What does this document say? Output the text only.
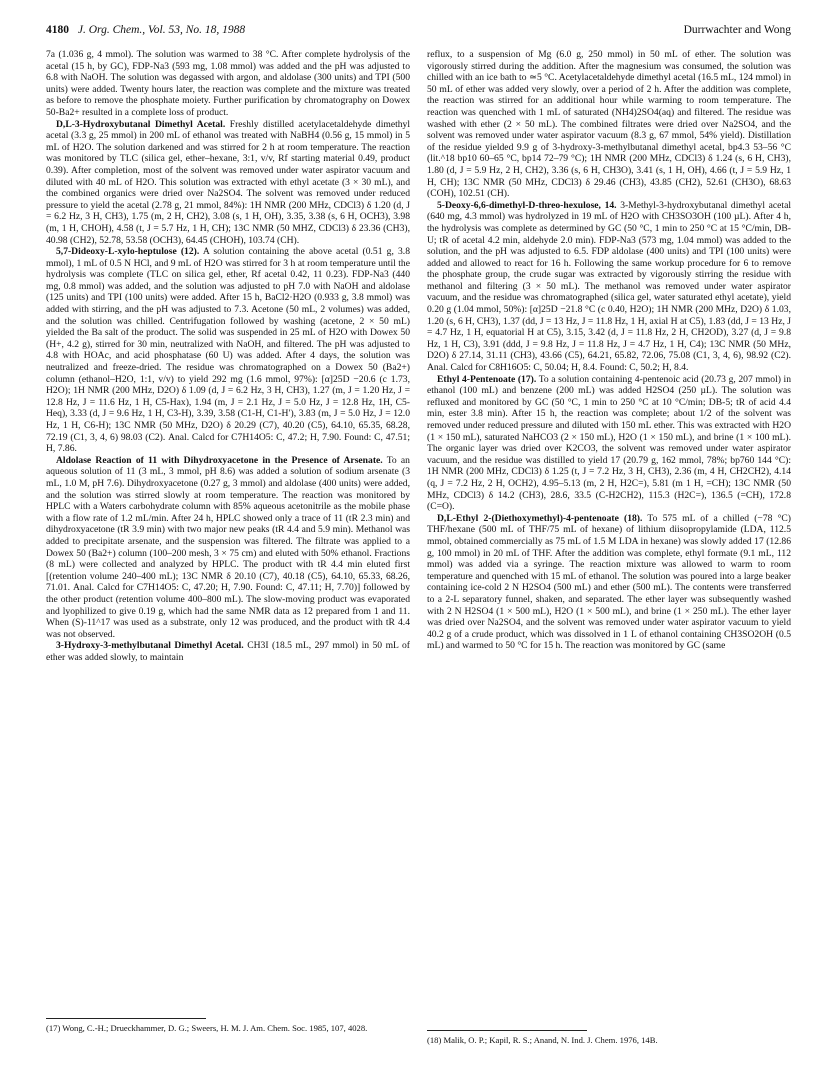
4180 J. Org. Chem., Vol. 53, No. 18, 1988	Durrwachter and Wong

7a (1.036 g, 4 mmol). The solution was warmed to 38 °C. After complete hydrolysis of the acetal (15 h, by GC), FDP-Na3 (593 mg, 1.08 mmol) was added and the pH was adjusted to 6.8 with NaOH. The solution was degassed with argon, and aldolase (300 units) and TPI (500 units) were added. Twenty hours later, the reaction was complete and the mixture was treated as before to remove the phosphate moiety. Further purification by chromatography on Dowex 50-Ba2+ resulted in a complete loss of product.

D,L-3-Hydroxybutanal Dimethyl Acetal. Freshly distilled acetylacetaldehyde dimethyl acetal (3.3 g, 25 mmol) in 200 mL of ethanol was treated with NaBH4 (0.56 g, 15 mmol) in 5 mL of H2O. The solution darkened and was stirred for 2 h at room temperature. The reaction was monitored by TLC (silica gel, ether–hexane, 3:1, v/v, Rf starting material 0.49, product 0.39). After completion, most of the solvent was removed under water aspirator vacuum and diluted with 40 mL of H2O. This solution was extracted with ethyl acetate (3 × 30 mL), and the combined organics were dried over Na2SO4. The solvent was removed under reduced pressure to yield the acetal (2.78 g, 21 mmol, 84%): 1H NMR (200 MHz, CDCl3) δ 1.20 (d, J = 6.2 Hz, 3 H, CH3), 1.75 (m, 2 H, CH2), 3.08 (s, 1 H, OH), 3.35, 3.38 (s, 6 H, OCH3), 3.98 (m, 1 H, CHOH), 4.58 (t, J = 5.7 Hz, 1 H, CH); 13C NMR (50 MHZ, CDCl3) δ 23.36 (CH3), 40.98 (CH2), 52.78, 53.58 (OCH3), 64.45 (CHOH), 103.74 (CH).

5,7-Dideoxy-L-xylo-heptulose (12). A solution containing the above acetal (0.51 g, 3.8 mmol), 1 mL of 0.5 N HCl, and 9 mL of H2O was stirred for 3 h at room temperature until the hydrolysis was complete (TLC on silica gel, ether, Rf acetal 0.42, 11 0.23). FDP-Na3 (440 mg, 0.8 mmol) was added, and the solution was adjusted to pH 7.0 with NaOH and aldolase (125 units) and TPI (100 units) were added. After 15 h, BaCl2·H2O (0.933 g, 3.8 mmol) was added with stirring, and the pH was adjusted to 7.3. Acetone (50 mL, 2 volumes) was added, and the solution was chilled. Centrifugation followed by washing (acetone, 2 × 50 mL) yielded the Ba salt of the product. The solid was suspended in 25 mL of H2O with Dowex 50 (H+, 4.2 g), stirred for 30 min, neutralized with NaOH, and filtered. The pH was adjusted to 4.8 with HOAc, and acid phosphatase (60 U) was added. After 4 days, the solution was neutralized and freeze-dried. The residue was chromatographed on a Dowex 50 (Ba2+) column (ethanol–H2O, 1:1, v/v) to yield 292 mg (1.6 mmol, 97%): [α]25D −20.6 (c 1.73, H2O); 1H NMR (200 MHz, D2O) δ 1.09 (d, J = 6.2 Hz, 3 H, CH3), 1.27 (m, J = 1.20 Hz, J = 12.8 Hz, J = 11.6 Hz, 1 H, C5-Hax), 1.94 (m, J = 2.1 Hz, J = 5.0 Hz, J = 12.8 Hz, 1H, C5-Heq), 3.33 (d, J = 9.6 Hz, 1 H, C3-H), 3.39, 3.58 (C1-H, C1-H′), 3.83 (m, J = 5.0 Hz, J = 12.0 Hz, 1 H, C6-H); 13C NMR (50 MHz, D2O) δ 20.29 (C7), 40.20 (C5), 64.10, 65.35, 68.28, 72.19 (C1, 3, 4, 6) 98.03 (C2). Anal. Calcd for C7H14O5: C, 47.2; H, 7.90. Found: C, 47.51; H, 7.86.

Aldolase Reaction of 11 with Dihydroxyacetone in the Presence of Arsenate. To an aqueous solution of 11 (3 mL, 3 mmol, pH 8.6) was added a solution of sodium arsenate (3 mL, 1.0 M, pH 7.6). Dihydroxyacetone (0.27 g, 3 mmol) and aldolase (400 units) were added, and the solution was stirred slowly at room temperature. The reaction was monitored by HPLC with a Waters carbohydrate column with 85% aqueous acetonitrile as the mobile phase with a flow rate of 1.2 mL/min. After 24 h, HPLC showed only a trace of 11 (tR 2.3 min) and dihydroxyacetone (tR 3.9 min) with two major new peaks (tR 4.4 and 5.9 min). Methanol was added to precipitate arsenate, and the suspension was filtered. The filtrate was applied to a Dowex 50 (Ba2+) column (100–200 mesh, 3 × 75 cm) and eluted with 50% ethanol. Fractions (8 mL) were collected and analyzed by HPLC. The product with tR 4.4 min eluted first [(retention volume 240–400 mL); 13C NMR δ 20.10 (C7), 40.18 (C5), 64.10, 65.33, 68.26, 71.01. Anal. Calcd for C7H14O5: C, 47.20; H, 7.90. Found: C, 47.11; H, 7.70)] followed by the other product (retention volume 400–800 mL). The slow-moving product was evaporated and lyophilized to give 0.19 g, which had the same NMR data as 12 prepared from 1 and 11. When (S)-11^17 was used as a substrate, only 12 was produced, and the product with tR 4.4 was not observed.

3-Hydroxy-3-methylbutanal Dimethyl Acetal. CH3I (18.5 mL, 297 mmol) in 50 mL of ether was added slowly, to maintain

reflux, to a suspension of Mg (6.0 g, 250 mmol) in 50 mL of ether. The solution was vigorously stirred during the addition. After the magnesium was consumed, the solution was chilled with an ice bath to ≃5 °C. Acetylacetaldehyde dimethyl acetal (16.5 mL, 124 mmol) in 50 mL of ether was added very slowly, over a period of 2 h. After the addition was complete, the reaction was stirred for an additional hour while warming to room temperature. The reaction was quenched with 1 mL of saturated (NH4)2SO4(aq) and filtered. The residue was washed with ether (2 × 50 mL). The combined filtrates were dried over Na2SO4, and the solvent was removed under water aspirator vacuum (8.3 g, 67 mmol, 54% yield). Distillation of the residue yielded 9.9 g of 3-hydroxy-3-methylbutanal dimethyl acetal, bp4.3 53–56 °C (lit.^18 bp10 60–65 °C, bp14 72–79 °C); 1H NMR (200 MHz, CDCl3) δ 1.24 (s, 6 H, CH3), 1.80 (d, J = 5.9 Hz, 2 H, CH2), 3.36 (s, 6 H, CH3O), 3.41 (s, 1 H, OH), 4.66 (t, J = 5.9 Hz, 1 H, CH); 13C NMR (50 MHz, CDCl3) δ 29.46 (CH3), 43.85 (CH2), 52.61 (CH3O), 68.63 (COH), 102.51 (CH).

5-Deoxy-6,6-dimethyl-D-threo-hexulose, 14. 3-Methyl-3-hydroxybutanal dimethyl acetal (640 mg, 4.3 mmol) was hydrolyzed in 19 mL of H2O with CH3SO3OH (100 µL). After 4 h, the hydrolysis was complete as determined by GC (50 °C, 1 min to 250 °C at 15 °C/min, DB-U; tR of acetal 4.2 min, aldehyde 2.0 min). FDP-Na3 (573 mg, 1.04 mmol) was added to the solution, and the pH was adjusted to 6.5. FDP aldolase (400 units) and TPI (100 units) were added and allowed to react for 16 h. Following the same workup procedure for 6 to remove the phosphate group, the crude sugar was extracted by vigorously stirring the residue with methanol and filtering (3 × 50 mL). The methanol was removed under water aspirator vacuum, and the residue was chromatographed (silica gel, water saturated ethyl acetate), yield 0.20 g (1.04 mmol, 50%): [α]25D −21.8 °C (c 0.40, H2O); 1H NMR (200 MHz, D2O) δ 1.03, 1.20 (s, 6 H, CH3), 1.37 (dd, J = 13 Hz, J = 11.8 Hz, 1 H, axial H at C5), 1.83 (dd, J = 13 Hz, J = 4.7 Hz, 1 H, equatorial H at C5), 3.15, 3.42 (d, J = 11.8 Hz, 2 H, CH2OD), 3.27 (d, J = 9.8 Hz, 1 H, C3), 3.91 (ddd, J = 9.8 Hz, J = 11.8 Hz, J = 4.7 Hz, 1 H, C4); 13C NMR (50 MHz, D2O) δ 27.14, 31.11 (CH3), 43.66 (C5), 64.21, 65.82, 72.06, 75.08 (C1, 3, 4, 6), 98.92 (C2). Anal. Calcd for C8H16O5: C, 50.04; H, 8.4. Found: C, 50.2; H, 8.4.

Ethyl 4-Pentenoate (17). To a solution containing 4-pentenoic acid (20.73 g, 207 mmol) in ethanol (100 mL) and benzene (200 mL) was added H2SO4 (250 µL). The solution was refluxed and monitored by GC (50 °C, 1 min to 250 °C at 10 °C/min; DB-5; tR of acid 4.4 min, ester 3.8 min). After 15 h, the reaction was complete; about 1/2 of the solvent was removed under reduced pressure and diluted with 150 mL ether. This was extracted with H2O (1 × 150 mL), saturated NaHCO3 (2 × 150 mL), H2O (1 × 150 mL), and brine (1 × 100 mL). The organic layer was dried over K2CO3, the solvent was removed under water aspirator vacuum, and the residue was distilled to yield 17 (20.79 g, 162 mmol, 78%; bp760 144 °C): 1H NMR (200 MHz, CDCl3) δ 1.25 (t, J = 7.2 Hz, 3 H, CH3), 2.36 (m, 4 H, CH2CH2), 4.14 (q, J = 7.2 Hz, 2 H, OCH2), 4.95–5.13 (m, 2 H, H2C=), 5.81 (m 1 H, =CH); 13C NMR (50 MHz, CDCl3) δ 14.2 (CH3), 28.6, 33.5 (C-H2CH2), 115.3 (H2C=), 136.5 (=CH), 172.8 (C=O).

D,L-Ethyl 2-(Diethoxymethyl)-4-pentenoate (18). To 575 mL of a chilled (−78 °C) THF/hexane (500 mL of THF/75 mL of hexane) of lithium diisopropylamide (LDA, 112.5 mmol, obtained commercially as 75 mL of 1.5 M LDA in hexane) was slowly added 17 (12.86 g, 100 mmol) in 20 mL of THF. After the addition was complete, ethyl formate (9.1 mL, 112 mmol) was added via a syringe. The reaction mixture was allowed to warm to room temperature and quenched with 15 mL of ethanol. The solution was poured into a large beaker containing ice-cold 2 N H2SO4 (500 mL) and ether (500 mL). The contents were transferred to a 2-L separatory funnel, shaken, and separated. The ether layer was subsequently washed with 2 N H2SO4 (1 × 500 mL), H2O (1 × 500 mL), and brine (1 × 250 mL). The ether layer was dried over Na2SO4, and the solvent was removed under water aspirator vacuum to yield 40.2 g of a crude product, which was dissolved in 1 L of ethanol containing CH3SO2OH (0.5 mL) and warmed to 50 °C for 15 h. The reaction was monitored by GC (same

(17) Wong, C.-H.; Drueckhammer, D. G.; Sweers, H. M. J. Am. Chem. Soc. 1985, 107, 4028.
(18) Malik, O. P.; Kapil, R. S.; Anand, N. Ind. J. Chem. 1976, 14B.
